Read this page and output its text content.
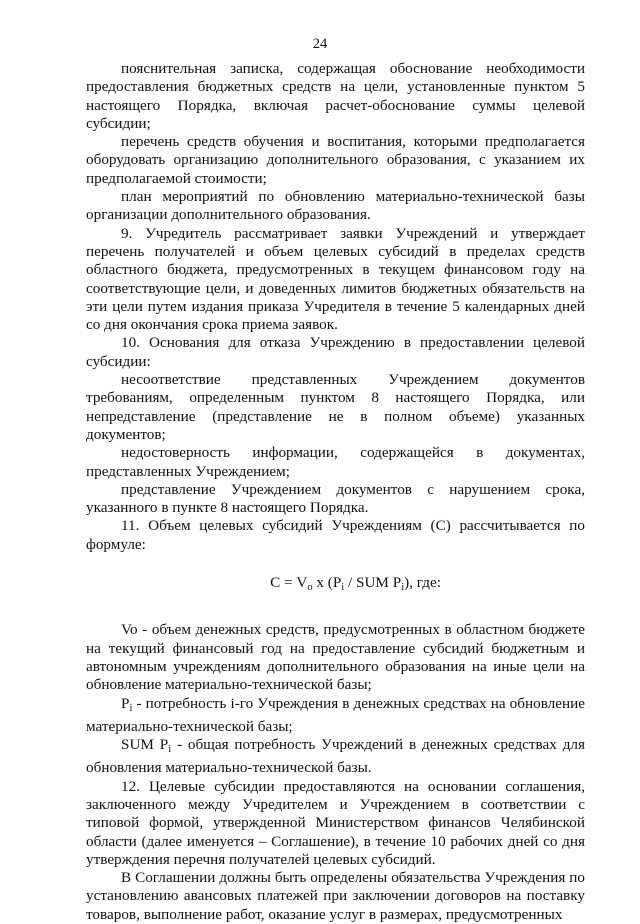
24

пояснительная записка, содержащая обоснование необходимости предоставления бюджетных средств на цели, установленные пунктом 5 настоящего Порядка, включая расчет-обоснование суммы целевой субсидии;

перечень средств обучения и воспитания, которыми предполагается оборудовать организацию дополнительного образования, с указанием их предполагаемой стоимости;

план мероприятий по обновлению материально-технической базы организации дополнительного образования.

9. Учредитель рассматривает заявки Учреждений и утверждает перечень получателей и объем целевых субсидий в пределах средств областного бюджета, предусмотренных в текущем финансовом году на соответствующие цели, и доведенных лимитов бюджетных обязательств на эти цели путем издания приказа Учредителя в течение 5 календарных дней со дня окончания срока приема заявок.

10. Основания для отказа Учреждению в предоставлении целевой субсидии:

несоответствие представленных Учреждением документов требованиям, определенным пунктом 8 настоящего Порядка, или непредставление (представление не в полном объеме) указанных документов;

недостоверность информации, содержащейся в документах, представленных Учреждением;

представление Учреждением документов с нарушением срока, указанного в пункте 8 настоящего Порядка.

11. Объем целевых субсидий Учреждениям (С) рассчитывается по формуле:

$С = V_о$ x ($P_i$ / SUM $P_i$), где:

Vo - объем денежных средств, предусмотренных в областном бюджете на текущий финансовый год на предоставление субсидий бюджетным и автономным учреждениям дополнительного образования на иные цели на обновление материально-технической базы;

Pi - потребность i-го Учреждения в денежных средствах на обновление материально-технической базы;

SUM Pi - общая потребность Учреждений в денежных средствах для обновления материально-технической базы.

12. Целевые субсидии предоставляются на основании соглашения, заключенного между Учредителем и Учреждением в соответствии с типовой формой, утвержденной Министерством финансов Челябинской области (далее именуется – Соглашение), в течение 10 рабочих дней со дня утверждения перечня получателей целевых субсидий.

В Соглашении должны быть определены обязательства Учреждения по установлению авансовых платежей при заключении договоров на поставку товаров, выполнение работ, оказание услуг в размерах, предусмотренных
